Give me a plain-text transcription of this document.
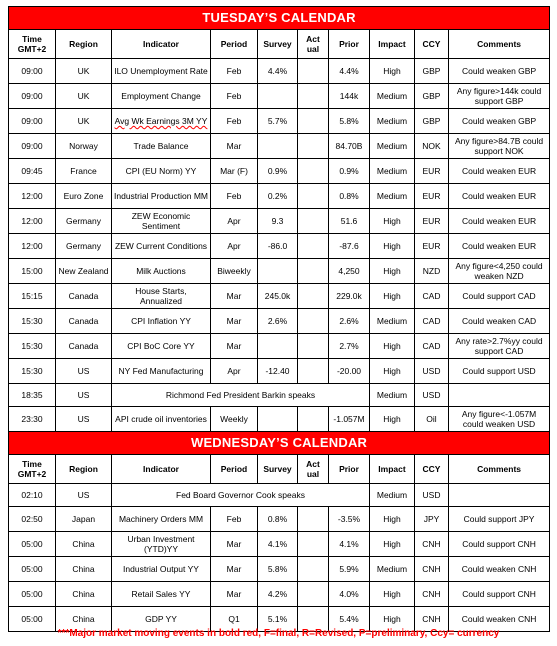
TUESDAY’S CALENDAR									
Time GMT+2	Region	Indicator	Period	Survey	Act ual	Prior	Impact	CCY	Comments
09:00	UK	ILO Unemployment Rate	Feb	4.4%		4.4%	High	GBP	Could weaken GBP
09:00	UK	Employment Change	Feb			144k	Medium	GBP	Any figure>144k could support GBP
09:00	UK	Avg Wk Earnings 3M YY	Feb	5.7%		5.8%	Medium	GBP	Could weaken GBP
09:00	Norway	Trade Balance	Mar			84.70B	Medium	NOK	Any figure>84.7B could support NOK
09:45	France	CPI (EU Norm) YY	Mar (F)	0.9%		0.9%	Medium	EUR	Could weaken EUR
12:00	Euro Zone	Industrial Production MM	Feb	0.2%		0.8%	Medium	EUR	Could weaken EUR
12:00	Germany	ZEW Economic Sentiment	Apr	9.3		51.6	High	EUR	Could weaken EUR
12:00	Germany	ZEW Current Conditions	Apr	-86.0		-87.6	High	EUR	Could weaken EUR
15:00	New Zealand	Milk Auctions	Biweekly			4,250	High	NZD	Any figure<4,250 could weaken NZD
15:15	Canada	House Starts, Annualized	Mar	245.0k		229.0k	High	CAD	Could support CAD
15:30	Canada	CPI Inflation YY	Mar	2.6%		2.6%	Medium	CAD	Could weaken CAD
15:30	Canada	CPI BoC Core YY	Mar			2.7%	High	CAD	Any rate>2.7%yy could support CAD
15:30	US	NY Fed Manufacturing	Apr	-12.40		-20.00	High	USD	Could support USD
18:35	US	Richmond Fed President Barkin speaks					Medium	USD	
23:30	US	API crude oil inventories	Weekly			-1.057M	High	Oil	Any figure<-1.057M could weaken USD
WEDNESDAY’S CALENDAR									
Time GMT+2	Region	Indicator	Period	Survey	Act ual	Prior	Impact	CCY	Comments
02:10	US	Fed Board Governor Cook speaks					Medium	USD	
02:50	Japan	Machinery Orders MM	Feb	0.8%		-3.5%	High	JPY	Could support JPY
05:00	China	Urban Investment (YTD)YY	Mar	4.1%		4.1%	High	CNH	Could support CNH
05:00	China	Industrial Output YY	Mar	5.8%		5.9%	Medium	CNH	Could weaken CNH
05:00	China	Retail Sales YY	Mar	4.2%		4.0%	High	CNH	Could support CNH
05:00	China	GDP YY	Q1	5.1%		5.4%	High	CNH	Could weaken CNH
***Major market moving events in bold red, F=final, R=Revised, P=preliminary, Ccy= currency
